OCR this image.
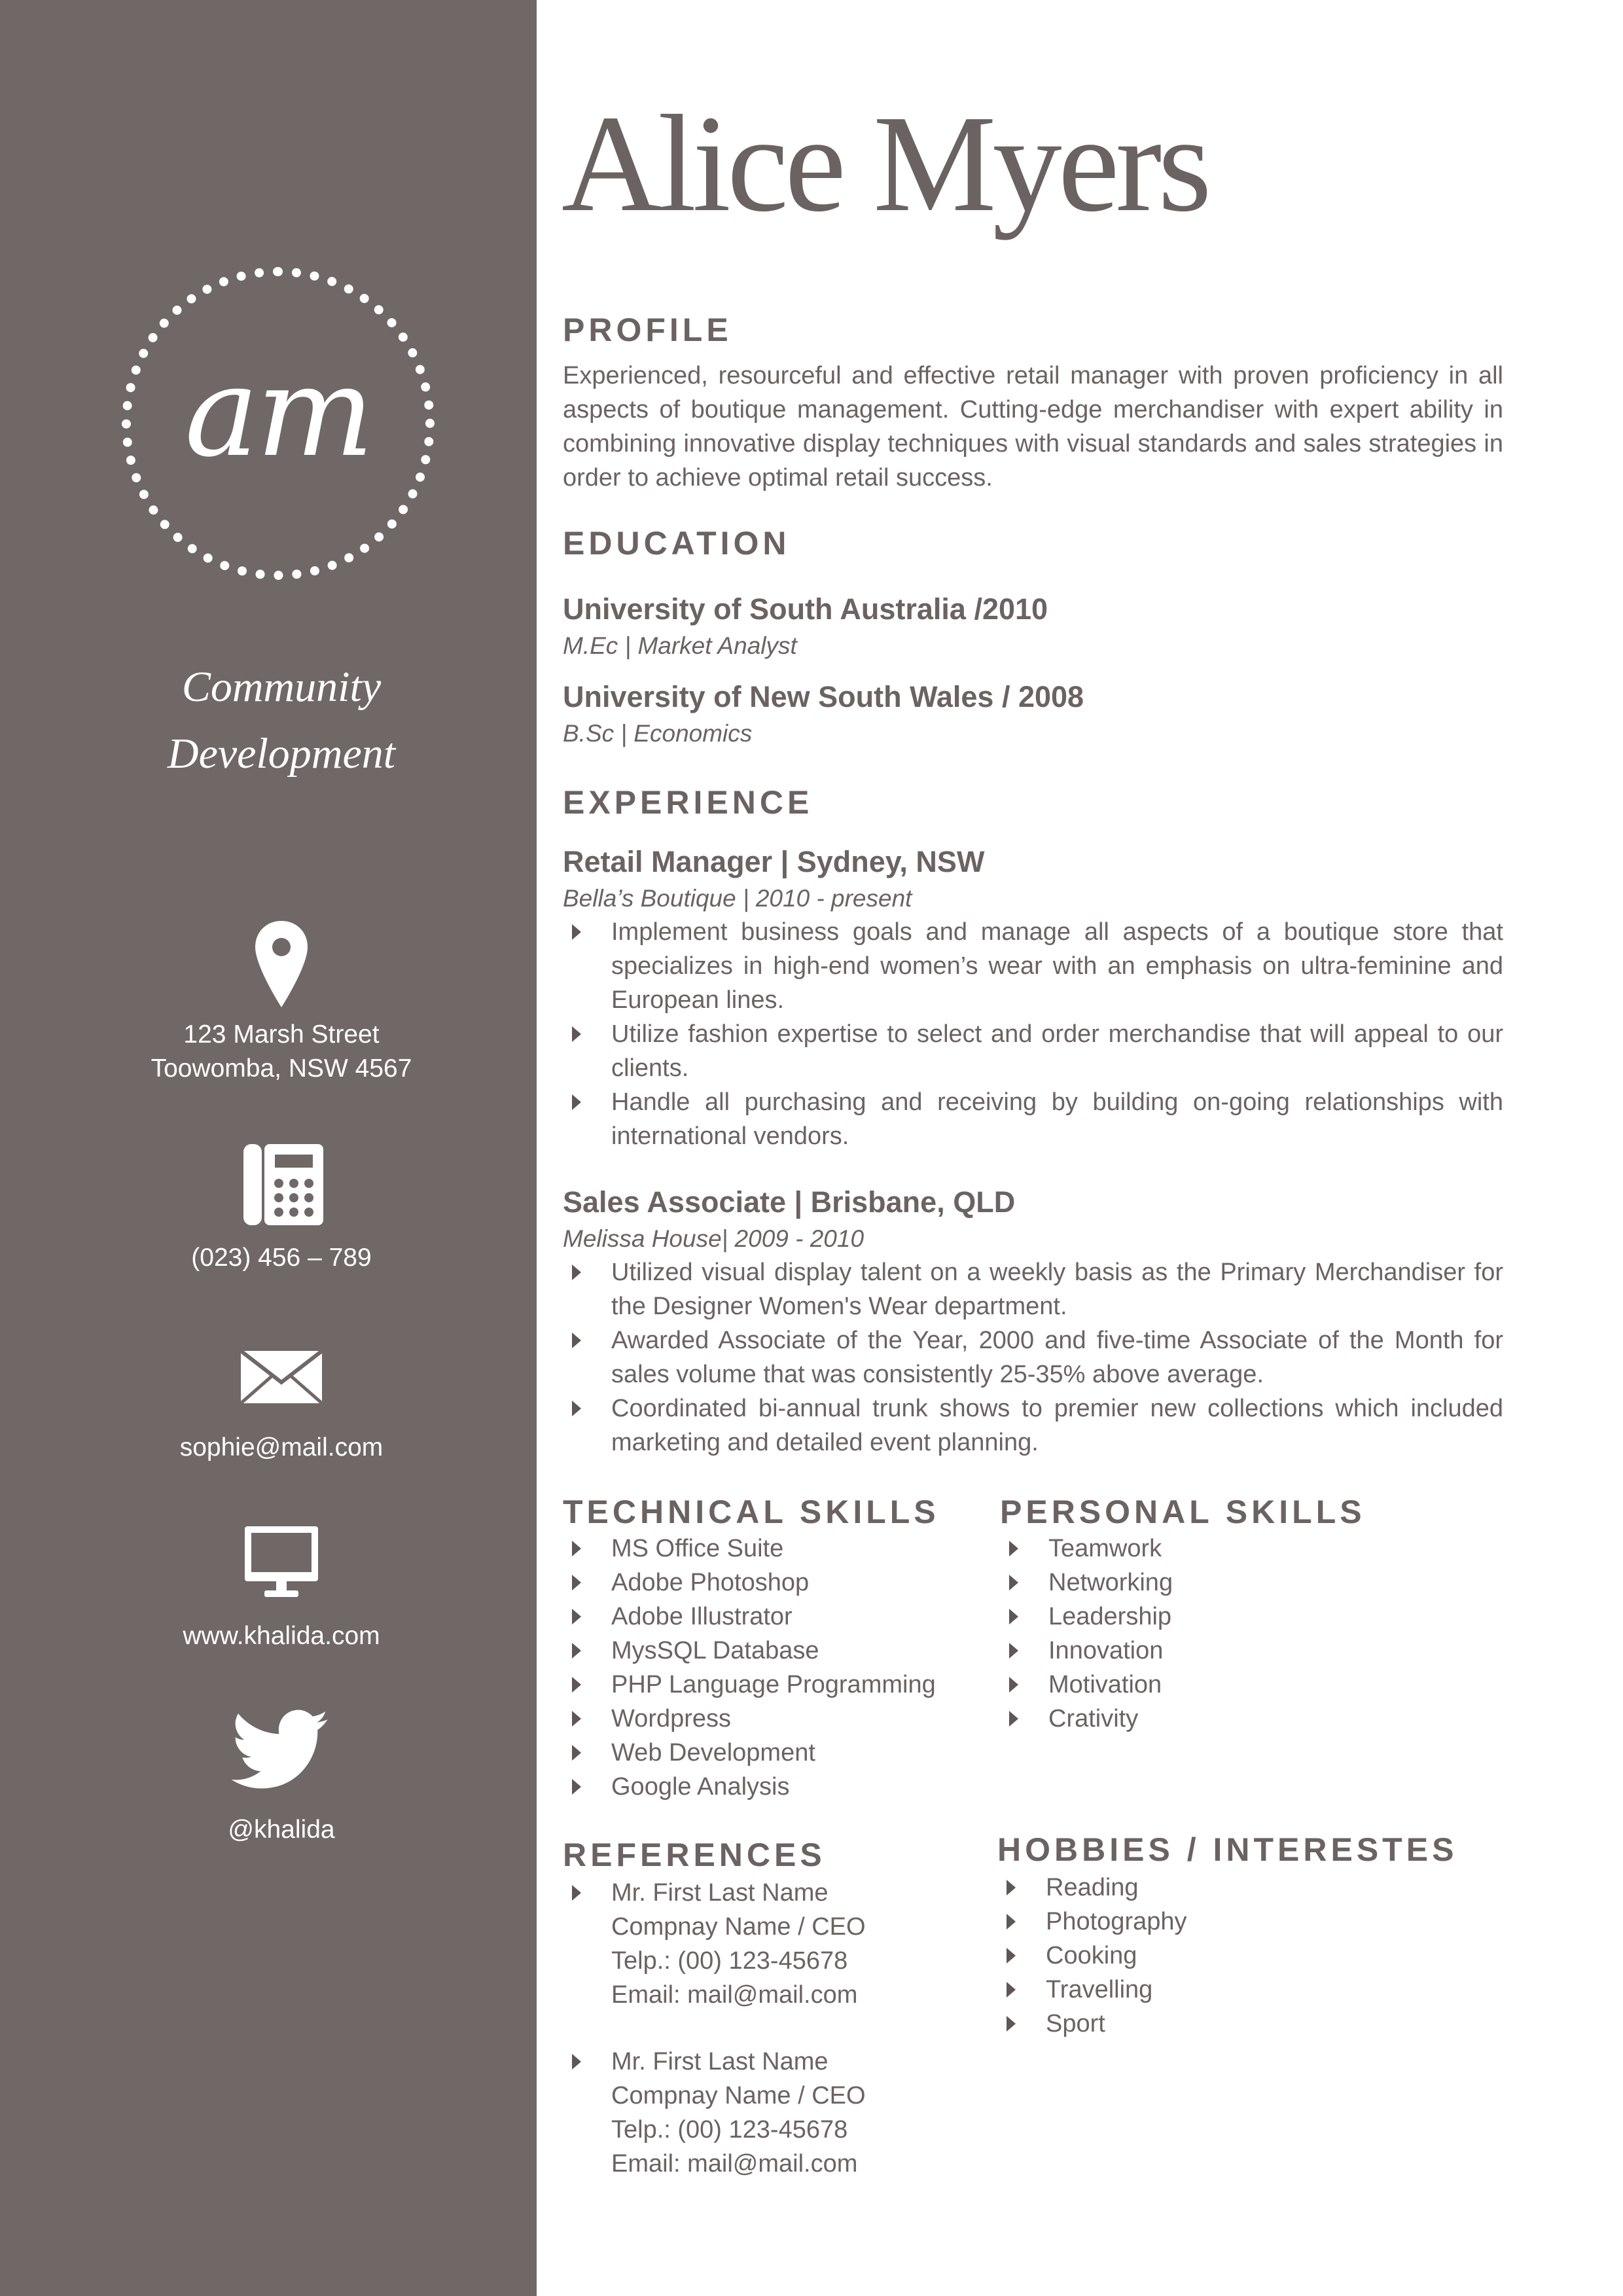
am
Community
Development
123 Marsh Street
Toowomba, NSW 4567
(023) 456 – 789
sophie@mail.com
www.khalida.com
@khalida
Alice Myers
PROFILE
Experienced, resourceful and effective retail manager with proven proficiency in all aspects of boutique management. Cutting-edge merchandiser with expert ability in combining innovative display techniques with visual standards and sales strategies in order to achieve optimal retail success.
EDUCATION
University of South Australia /2010
M.Ec | Market Analyst
University of New South Wales / 2008
B.Sc | Economics
EXPERIENCE
Retail Manager | Sydney, NSW
Bella’s Boutique | 2010 - present
Implement business goals and manage all aspects of a boutique store that specializes in high-end women’s wear with an emphasis on ultra-feminine and European lines.
Utilize fashion expertise to select and order merchandise that will appeal to our clients.
Handle all purchasing and receiving by building on-going relationships with international vendors.
Sales Associate | Brisbane, QLD
Melissa House| 2009 - 2010
Utilized visual display talent on a weekly basis as the Primary Merchandiser for the Designer Women's Wear department.
Awarded Associate of the Year, 2000 and five-time Associate of the Month for sales volume that was consistently 25-35% above average.
Coordinated bi-annual trunk shows to premier new collections which included marketing and detailed event planning.
TECHNICAL SKILLS
MS Office Suite
Adobe Photoshop
Adobe Illustrator
MysSQL Database
PHP Language Programming
Wordpress
Web Development
Google Analysis
PERSONAL SKILLS
Teamwork
Networking
Leadership
Innovation
Motivation
Crativity
REFERENCES
Mr. First Last Name
Compnay Name / CEO
Telp.: (00) 123-45678
Email: mail@mail.com
Mr. First Last Name
Compnay Name / CEO
Telp.: (00) 123-45678
Email: mail@mail.com
HOBBIES / INTERESTES
Reading
Photography
Cooking
Travelling
Sport
